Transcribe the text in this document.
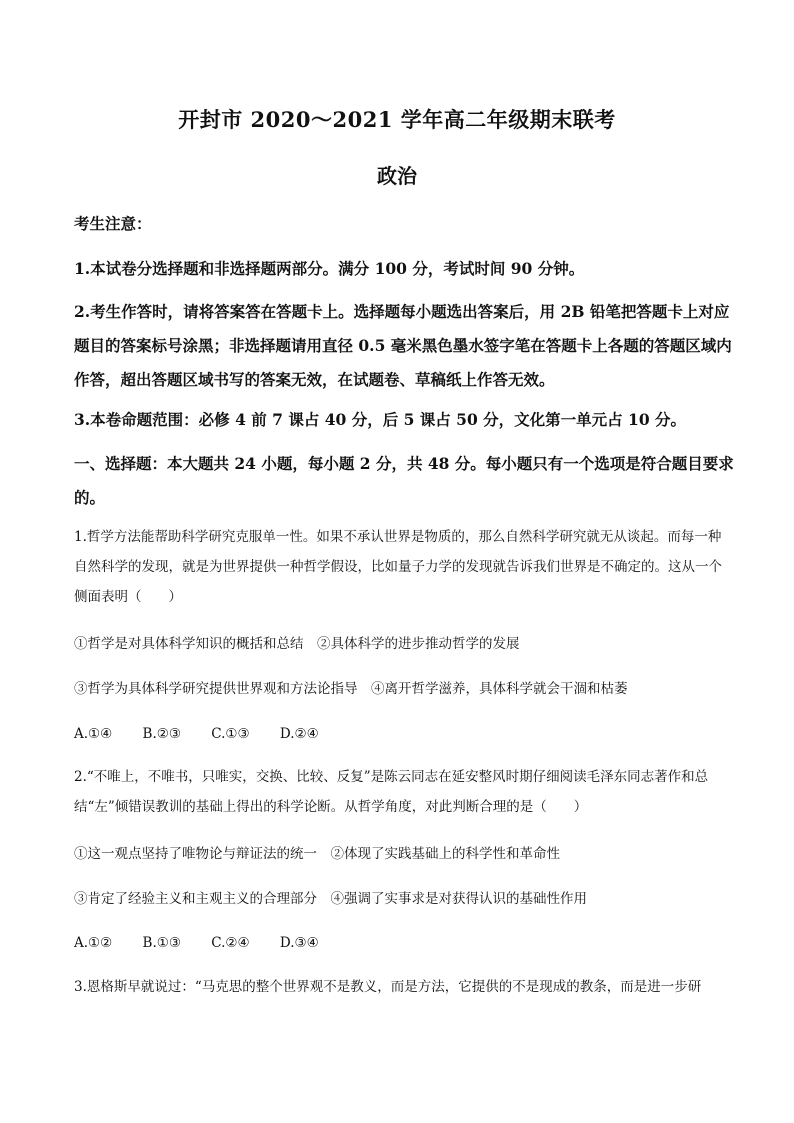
开封市 2020～2021 学年高二年级期末联考
政治
考生注意：
1.本试卷分选择题和非选择题两部分。满分 100 分，考试时间 90 分钟。
2.考生作答时，请将答案答在答题卡上。选择题每小题选出答案后，用 2B 铅笔把答题卡上对应题目的答案标号涂黑；非选择题请用直径 0.5 毫米黑色墨水签字笔在答题卡上各题的答题区域内作答，超出答题区域书写的答案无效，在试题卷、草稿纸上作答无效。
3.本卷命题范围：必修 4 前 7 课占 40 分，后 5 课占 50 分，文化第一单元占 10 分。
一、选择题：本大题共 24 小题，每小题 2 分，共 48 分。每小题只有一个选项是符合题目要求的。
1.哲学方法能帮助科学研究克服单一性。如果不承认世界是物质的，那么自然科学研究就无从谈起。而每一种自然科学的发现，就是为世界提供一种哲学假设，比如量子力学的发现就告诉我们世界是不确定的。这从一个侧面表明（　　）
①哲学是对具体科学知识的概括和总结　②具体科学的进步推动哲学的发展
③哲学为具体科学研究提供世界观和方法论指导　④离开哲学滋养，具体科学就会干涸和枯萎
A.①④ B.②③ C.①③ D.②④
2.“不唯上，不唯书，只唯实，交换、比较、反复”是陈云同志在延安整风时期仔细阅读毛泽东同志著作和总结“左”倾错误教训的基础上得出的科学论断。从哲学角度，对此判断合理的是（　　）
①这一观点坚持了唯物论与辩证法的统一　②体现了实践基础上的科学性和革命性
③肯定了经验主义和主观主义的合理部分　④强调了实事求是对获得认识的基础性作用
A.①② B.①③ C.②④ D.③④
3.恩格斯早就说过：“马克思的整个世界观不是教义，而是方法，它提供的不是现成的教条，而是进一步研
